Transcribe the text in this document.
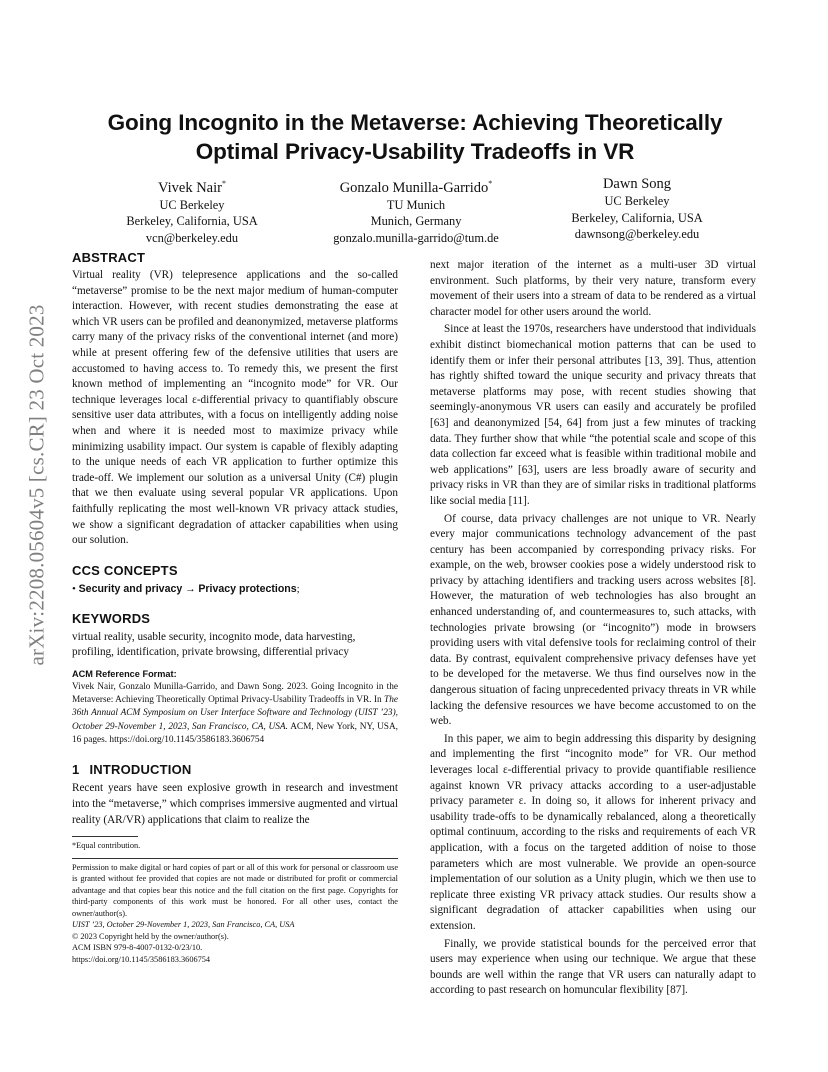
arXiv:2208.05604v5 [cs.CR] 23 Oct 2023
Going Incognito in the Metaverse: Achieving Theoretically
Optimal Privacy-Usability Tradeoffs in VR
Vivek Nair*
UC Berkeley
Berkeley, California, USA
vcn@berkeley.edu
Gonzalo Munilla-Garrido*
TU Munich
Munich, Germany
gonzalo.munilla-garrido@tum.de
Dawn Song
UC Berkeley
Berkeley, California, USA
dawnsong@berkeley.edu
ABSTRACT

Virtual reality (VR) telepresence applications and the so-called “metaverse” promise to be the next major medium of human-computer interaction. However, with recent studies demonstrating the ease at which VR users can be profiled and deanonymized, metaverse platforms carry many of the privacy risks of the conventional internet (and more) while at present offering few of the defensive utilities that users are accustomed to having access to. To remedy this, we present the first known method of implementing an “incognito mode” for VR. Our technique leverages local ε-differential privacy to quantifiably obscure sensitive user data attributes, with a focus on intelligently adding noise when and where it is needed most to maximize privacy while minimizing usability impact. Our system is capable of flexibly adapting to the unique needs of each VR application to further optimize this trade-off. We implement our solution as a universal Unity (C#) plugin that we then evaluate using several popular VR applications. Upon faithfully replicating the most well-known VR privacy attack studies, we show a significant degradation of attacker capabilities when using our solution.

CCS CONCEPTS

• Security and privacy → Privacy protections;

KEYWORDS

virtual reality, usable security, incognito mode, data harvesting, profiling, identification, private browsing, differential privacy

ACM Reference Format:

Vivek Nair, Gonzalo Munilla-Garrido, and Dawn Song. 2023. Going Incognito in the Metaverse: Achieving Theoretically Optimal Privacy-Usability Tradeoffs in VR. In The 36th Annual ACM Symposium on User Interface Software and Technology (UIST ’23), October 29-November 1, 2023, San Francisco, CA, USA. ACM, New York, NY, USA, 16 pages. https://doi.org/10.1145/3586183.3606754

1 INTRODUCTION

Recent years have seen explosive growth in research and investment into the “metaverse,” which comprises immersive augmented and virtual reality (AR/VR) applications that claim to realize the

*Equal contribution.

Permission to make digital or hard copies of part or all of this work for personal or classroom use is granted without fee provided that copies are not made or distributed for profit or commercial advantage and that copies bear this notice and the full citation on the first page. Copyrights for third-party components of this work must be honored. For all other uses, contact the owner/author(s).

UIST ’23, October 29-November 1, 2023, San Francisco, CA, USA

© 2023 Copyright held by the owner/author(s).

ACM ISBN 979-8-4007-0132-0/23/10.

https://doi.org/10.1145/3586183.3606754

next major iteration of the internet as a multi-user 3D virtual environment. Such platforms, by their very nature, transform every movement of their users into a stream of data to be rendered as a virtual character model for other users around the world.

Since at least the 1970s, researchers have understood that individuals exhibit distinct biomechanical motion patterns that can be used to identify them or infer their personal attributes [13, 39]. Thus, attention has rightly shifted toward the unique security and privacy threats that metaverse platforms may pose, with recent studies showing that seemingly-anonymous VR users can easily and accurately be profiled [63] and deanonymized [54, 64] from just a few minutes of tracking data. They further show that while “the potential scale and scope of this data collection far exceed what is feasible within traditional mobile and web applications” [63], users are less broadly aware of security and privacy risks in VR than they are of similar risks in traditional platforms like social media [11].

Of course, data privacy challenges are not unique to VR. Nearly every major communications technology advancement of the past century has been accompanied by corresponding privacy risks. For example, on the web, browser cookies pose a widely understood risk to privacy by attaching identifiers and tracking users across websites [8]. However, the maturation of web technologies has also brought an enhanced understanding of, and countermeasures to, such attacks, with technologies private browsing (or “incognito”) mode in browsers providing users with vital defensive tools for reclaiming control of their data. By contrast, equivalent comprehensive privacy defenses have yet to be developed for the metaverse. We thus find ourselves now in the dangerous situation of facing unprecedented privacy threats in VR while lacking the defensive resources we have become accustomed to on the web.

In this paper, we aim to begin addressing this disparity by designing and implementing the first “incognito mode” for VR. Our method leverages local ε-differential privacy to provide quantifiable resilience against known VR privacy attacks according to a user-adjustable privacy parameter ε. In doing so, it allows for inherent privacy and usability trade-offs to be dynamically rebalanced, along a theoretically optimal continuum, according to the risks and requirements of each VR application, with a focus on the targeted addition of noise to those parameters which are most vulnerable. We provide an open-source implementation of our solution as a Unity plugin, which we then use to replicate three existing VR privacy attack studies. Our results show a significant degradation of attacker capabilities when using our extension.

Finally, we provide statistical bounds for the perceived error that users may experience when using our technique. We argue that these bounds are well within the range that VR users can naturally adapt to according to past research on homuncular flexibility [87].
